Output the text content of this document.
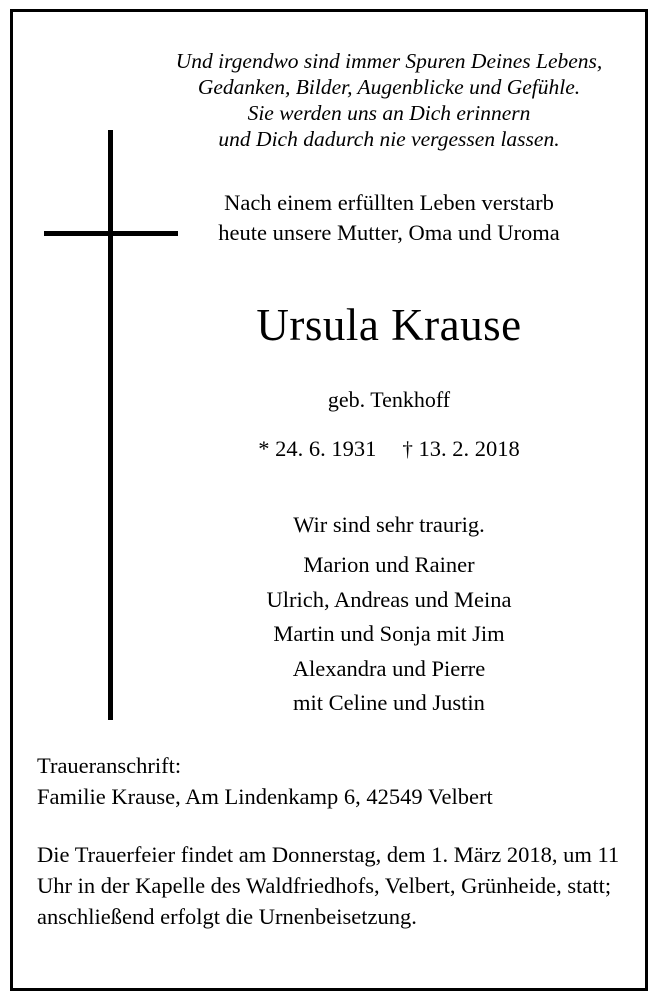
Und irgendwo sind immer Spuren Deines Lebens,
Gedanken, Bilder, Augenblicke und Gefühle.
Sie werden uns an Dich erinnern
und Dich dadurch nie vergessen lassen.
Nach einem erfüllten Leben verstarb
heute unsere Mutter, Oma und Uroma
Ursula Krause
geb. Tenkhoff
* 24. 6. 1931 † 13. 2. 2018
Wir sind sehr traurig.
Marion und Rainer
Ulrich, Andreas und Meina
Martin und Sonja mit Jim
Alexandra und Pierre
mit Celine und Justin
Traueranschrift:
Familie Krause, Am Lindenkamp 6, 42549 Velbert
Die Trauerfeier findet am Donnerstag, dem 1. März 2018, um 11 Uhr in der Kapelle des Waldfriedhofs, Velbert, Grünheide, statt; anschließend erfolgt die Urnenbeisetzung.
